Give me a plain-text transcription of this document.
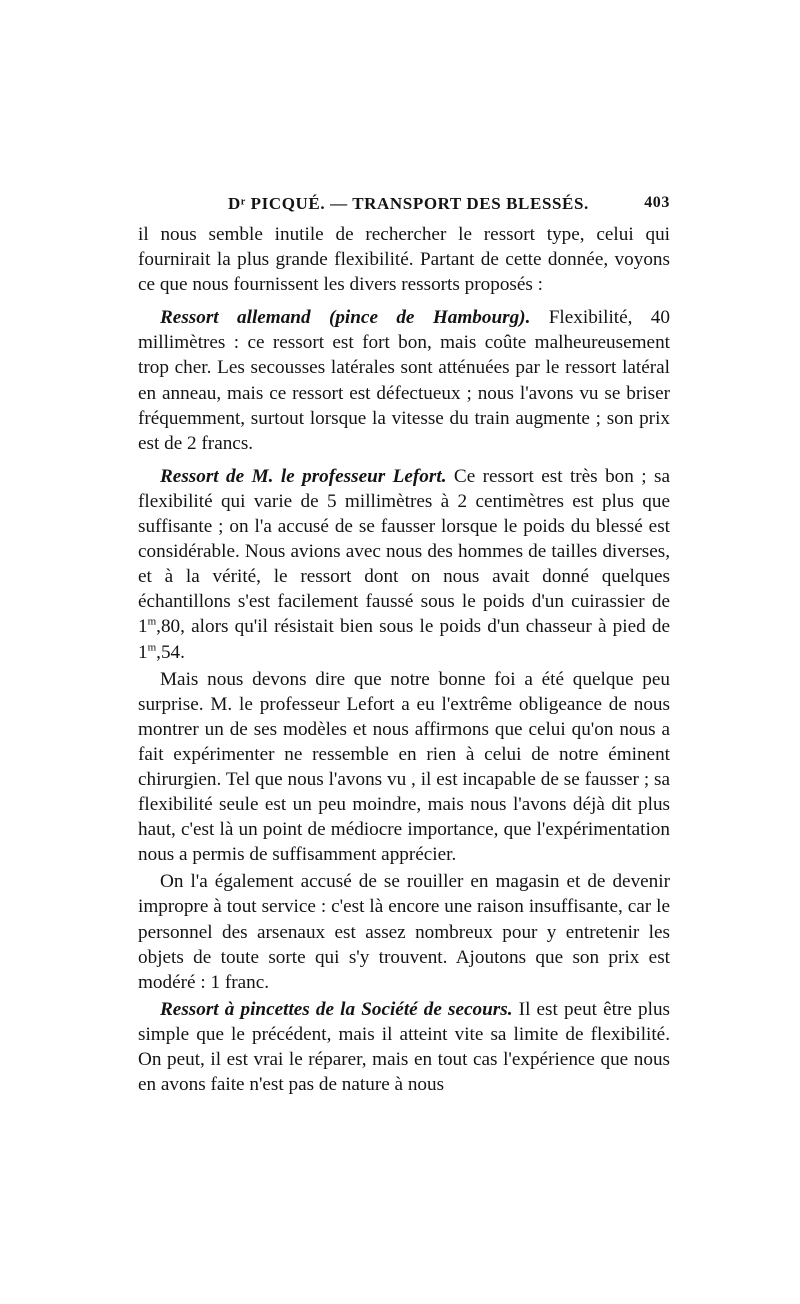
Dʳ PICQUÉ. — TRANSPORT DES BLESSÉS.	403

il nous semble inutile de rechercher le ressort type, celui qui fournirait la plus grande flexibilité. Partant de cette donnée, voyons ce que nous fournissent les divers ressorts proposés :

Ressort allemand (pince de Hambourg). Flexibilité, 40 millimètres : ce ressort est fort bon, mais coûte malheureusement trop cher. Les secousses latérales sont atténuées par le ressort latéral en anneau, mais ce ressort est défectueux ; nous l'avons vu se briser fréquemment, surtout lorsque la vitesse du train augmente ; son prix est de 2 francs.

Ressort de M. le professeur Lefort. Ce ressort est très bon ; sa flexibilité qui varie de 5 millimètres à 2 centimètres est plus que suffisante ; on l'a accusé de se fausser lorsque le poids du blessé est considérable. Nous avions avec nous des hommes de tailles diverses, et à la vérité, le ressort dont on nous avait donné quelques échantillons s'est facilement faussé sous le poids d'un cuirassier de 1$^m$,80, alors qu'il résistait bien sous le poids d'un chasseur à pied de 1$^m$,54.

Mais nous devons dire que notre bonne foi a été quelque peu surprise. M. le professeur Lefort a eu l'extrême obligeance de nous montrer un de ses modèles et nous affirmons que celui qu'on nous a fait expérimenter ne ressemble en rien à celui de notre éminent chirurgien. Tel que nous l'avons vu , il est incapable de se fausser ; sa flexibilité seule est un peu moindre, mais nous l'avons déjà dit plus haut, c'est là un point de médiocre importance, que l'expérimentation nous a permis de suffisamment apprécier.

On l'a également accusé de se rouiller en magasin et de devenir impropre à tout service : c'est là encore une raison insuffisante, car le personnel des arsenaux est assez nombreux pour y entretenir les objets de toute sorte qui s'y trouvent. Ajoutons que son prix est modéré : 1 franc.

Ressort à pincettes de la Société de secours. Il est peut être plus simple que le précédent, mais il atteint vite sa limite de flexibilité. On peut, il est vrai le réparer, mais en tout cas l'expérience que nous en avons faite n'est pas de nature à nous
